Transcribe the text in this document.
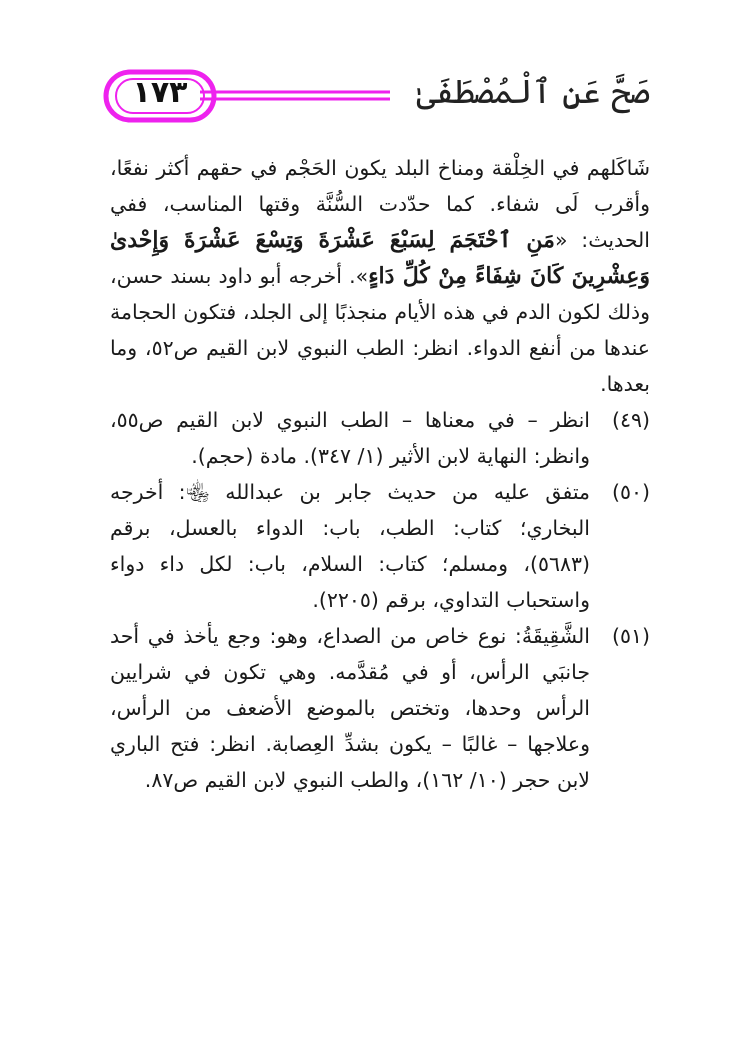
صَحَّ عَنِ ٱلْمُصْطَفَىٰ
١٧٣

شَاكَلهم في الخِلْقة ومناخ البلد يكون الحَجْم في حقهم أكثر نفعًا، وأقرب لَى شفاء. كما حدّدت السُّنَّة وقتها المناسب، ففي الحديث: «مَنِ ٱحْتَجَمَ لِسَبْعَ عَشْرَةَ وَتِسْعَ عَشْرَةَ وَإِحْدىٰ وَعِشْرِينَ كَانَ شِفَاءً مِنْ كُلِّ دَاءٍ». أخرجه أبو داود بسند حسن، وذلك لكون الدم في هذه الأيام منجذبًا إلى الجلد، فتكون الحجامة عندها من أنفع الدواء. انظر: الطب النبوي لابن القيم ص٥٢، وما بعدها.

(٤٩)
انظر – في معناها – الطب النبوي لابن القيم ص٥٥، وانظر: النهاية لابن الأثير (١/ ٣٤٧). مادة (حجم).

(٥٠)
متفق عليه من حديث جابر بن عبدالله ﵄: أخرجه البخاري؛ كتاب: الطب، باب: الدواء بالعسل، برقم (٥٦٨٣)، ومسلم؛ كتاب: السلام، باب: لكل داء دواء واستحباب التداوي، برقم (٢٢٠٥).

(٥١)
الشَّقِيقَةُ: نوع خاص من الصداع، وهو: وجع يأخذ في أحد جانبَي الرأس، أو في مُقدَّمه. وهي تكون في شرايين الرأس وحدها، وتختص بالموضع الأضعف من الرأس، وعلاجها – غالبًا – يكون بشدِّ العِصابة. انظر: فتح الباري لابن حجر (١٠/ ١٦٢)، والطب النبوي لابن القيم ص٨٧.
